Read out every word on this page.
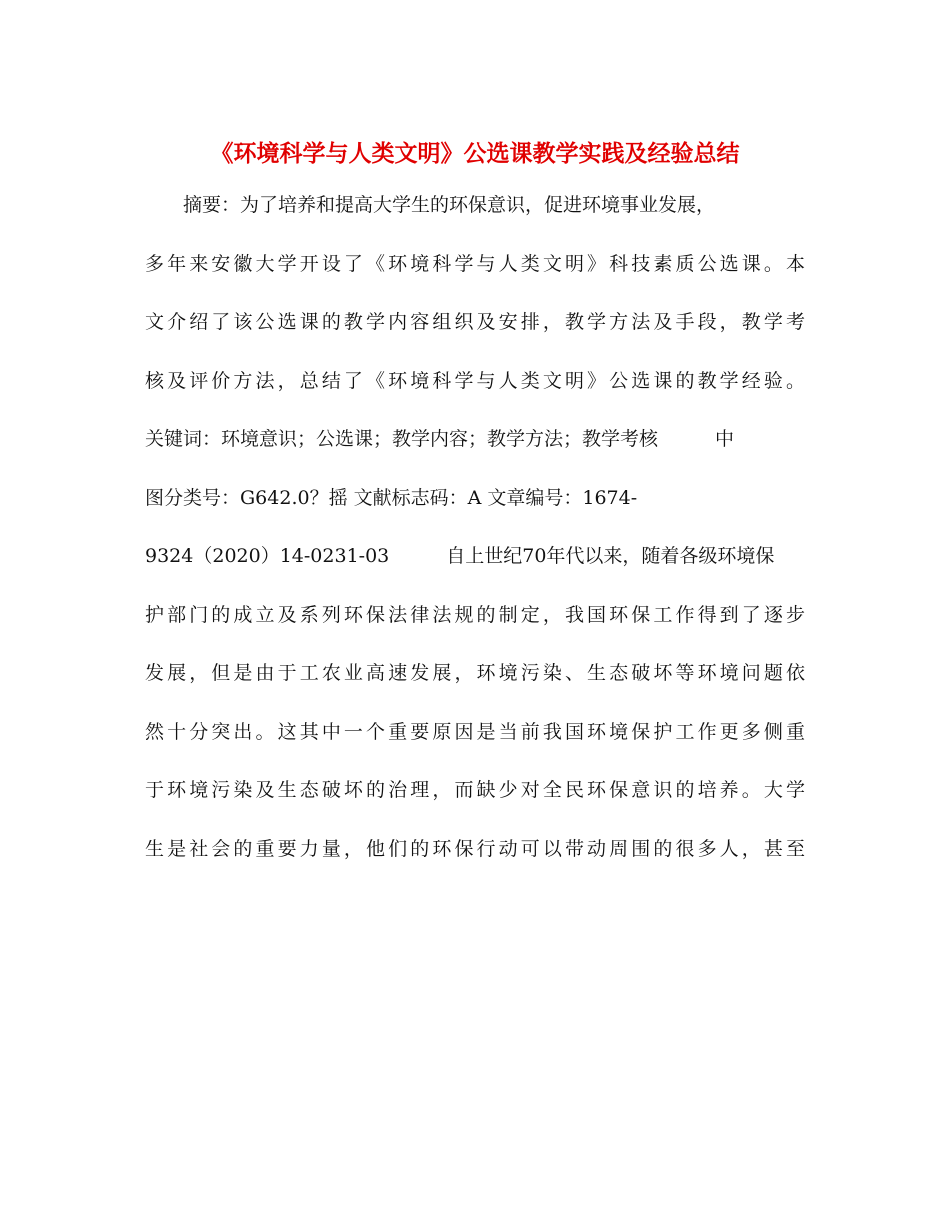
《环境科学与人类文明》公选课教学实践及经验总结
摘要：为了培养和提高大学生的环保意识，促进环境事业发展，
多年来安徽大学开设了《环境科学与人类文明》科技素质公选课。本
文介绍了该公选课的教学内容组织及安排，教学方法及手段，教学考
核及评价方法，总结了《环境科学与人类文明》公选课的教学经验。
关键词：环境意识；公选课；教学内容；教学方法；教学考核　　　中
图分类号：G642.0？摇 文献标志码：A 文章编号：1674-
9324（2020）14-0231-03　　　自上世纪70年代以来，随着各级环境保
护部门的成立及系列环保法律法规的制定，我国环保工作得到了逐步
发展，但是由于工农业高速发展，环境污染、生态破坏等环境问题依
然十分突出。这其中一个重要原因是当前我国环境保护工作更多侧重
于环境污染及生态破坏的治理，而缺少对全民环保意识的培养。大学
生是社会的重要力量，他们的环保行动可以带动周围的很多人，甚至
